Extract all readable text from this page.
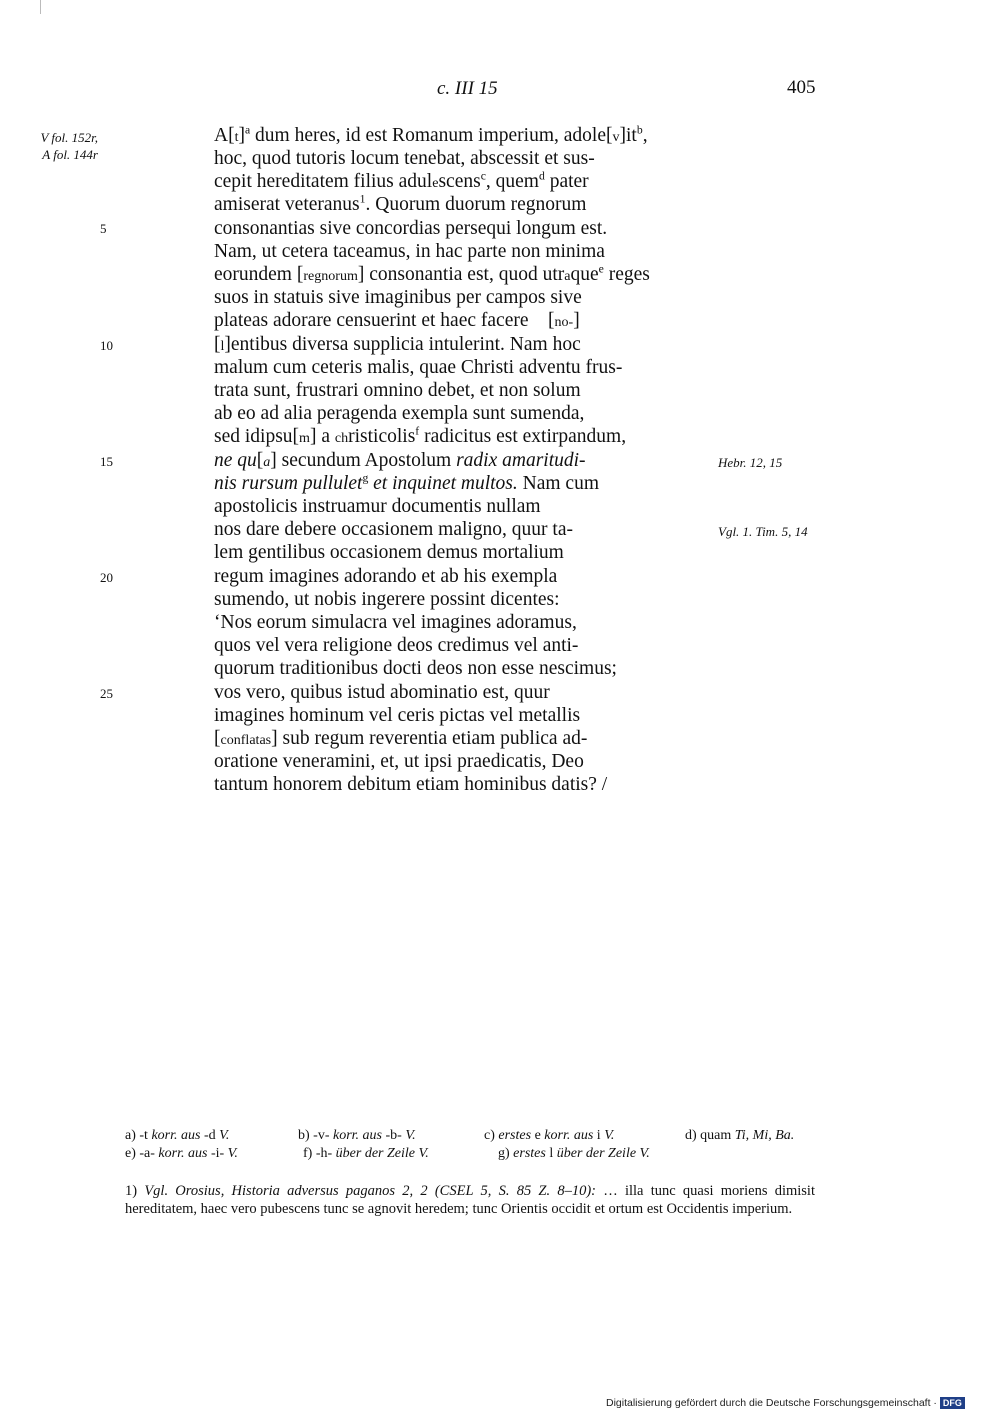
c. III 15	405
V fol. 152r,
A fol. 144r
5
10
15
20
25
$A[t]^a$ dum heres, id est Romanum imperium, $adole[v]it^b$,
hoc, quod tutoris locum tenebat, abscessit et sus-
cepit hereditatem filius adulescens$^c$, quem$^d$ pater
amiserat veteranus$^1$. Quorum duorum regnorum
consonantias sive concordias persequi longum est.
Nam, ut cetera taceamus, in hac parte non minima
eorundem [regnorum] consonantia est, quod utraque$^e$ reges
suos in statuis sive imaginibus per campos sive
plateas adorare censuerint et haec facere    [no-]
[l]entibus diversa supplicia intulerint. Nam hoc
malum cum ceteris malis, quae Christi adventu frus-
trata sunt, frustrari omnino debet, et non solum
ab eo ad alia peragenda exempla sunt sumenda,
sed idipsu[m] a christicolis$^f$ radicitus est extirpandum,
ne qu[a] secundum Apostolum radix amaritudi-
nis rursum pullulet$^g$ et inquinet multos. Nam cum
apostolicis instruamur documentis nullam
nos dare debere occasionem maligno, quur ta-
lem gentilibus occasionem demus mortalium
regum imagines adorando et ab his exempla
sumendo, ut nobis ingerere possint dicentes:
‘Nos eorum simulacra vel imagines adoramus,
quos vel vera religione deos credimus vel anti-
quorum traditionibus docti deos non esse nescimus;
vos vero, quibus istud abominatio est, quur
imagines hominum vel ceris pictas vel metallis
[conflatas] sub regum reverentia etiam publica ad-
oratione veneramini, et, ut ipsi praedicatis, Deo
tantum honorem debitum etiam hominibus datis? /
Hebr. 12, 15
Vgl. 1. Tim. 5, 14
a) -t korr. aus -d V.	b) -v- korr. aus -b- V.	c) erstes e korr. aus i V.	d) quam Ti, Mi, Ba.
e) -a- korr. aus -i- V.	f) -h- über der Zeile V.	g) erstes l über der Zeile V.
1) Vgl. Orosius, Historia adversus paganos 2, 2 (CSEL 5, S. 85 Z. 8–10): … illa tunc quasi moriens dimisit hereditatem, haec vero pubescens tunc se agnovit heredem; tunc Orientis occidit et ortum est Occidentis imperium.
Digitalisierung gefördert durch die Deutsche Forschungsgemeinschaft · DFG
